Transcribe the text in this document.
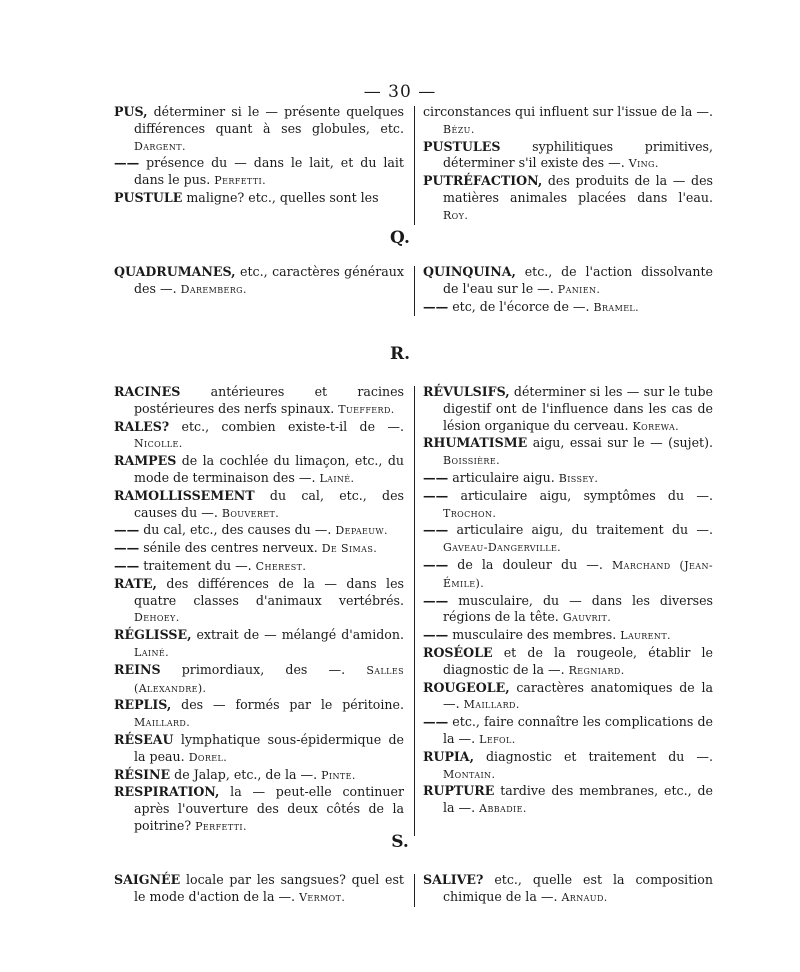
— 30 —
PUS, déterminer si le — présente quelques différences quant à ses globules, etc. Dargent.
—— présence du — dans le lait, et du lait dans le pus. Perfetti.
PUSTULE maligne? etc., quelles sont les
circonstances qui influent sur l'issue de la —. Bézu.
PUSTULES syphilitiques primitives, déterminer s'il existe des —. Ving.
PUTRÉFACTION, des produits de la — des matières animales placées dans l'eau. Roy.
Q.
QUADRUMANES, etc., caractères généraux des —. Daremberg.
QUINQUINA, etc., de l'action dissolvante de l'eau sur le —. Panien.
—— etc, de l'écorce de —. Bramel.
R.
RACINES antérieures et racines postérieures des nerfs spinaux. Tuefferd.
RALES? etc., combien existe-t-il de —. Nicolle.
RAMPES de la cochlée du limaçon, etc., du mode de terminaison des —. Lainé.
RAMOLLISSEMENT du cal, etc., des causes du —. Bouveret.
—— du cal, etc., des causes du —. Depaeuw.
—— sénile des centres nerveux. De Simas.
—— traitement du —. Cherest.
RATE, des différences de la — dans les quatre classes d'animaux vertébrés. Dehoey.
RÉGLISSE, extrait de — mélangé d'amidon. Lainé.
REINS primordiaux, des —. Salles (Alexandre).
REPLIS, des — formés par le péritoine. Maillard.
RÉSEAU lymphatique sous-épidermique de la peau. Dorel.
RÉSINE de Jalap, etc., de la —. Pinte.
RESPIRATION, la — peut-elle continuer après l'ouverture des deux côtés de la poitrine? Perfetti.
RÉVULSIFS, déterminer si les — sur le tube digestif ont de l'influence dans les cas de lésion organique du cerveau. Korewa.
RHUMATISME aigu, essai sur le — (sujet). Boissière.
—— articulaire aigu. Bissey.
—— articulaire aigu, symptômes du —. Trochon.
—— articulaire aigu, du traitement du —. Gaveau-Dangerville.
—— de la douleur du —. Marchand (Jean-Émile).
—— musculaire, du — dans les diverses régions de la tête. Gauvrit.
—— musculaire des membres. Laurent.
ROSÉOLE et de la rougeole, établir le diagnostic de la —. Regniard.
ROUGEOLE, caractères anatomiques de la —. Maillard.
—— etc., faire connaître les complications de la —. Lefol.
RUPIA, diagnostic et traitement du —. Montain.
RUPTURE tardive des membranes, etc., de la —. Abbadie.
S.
SAIGNÉE locale par les sangsues? quel est le mode d'action de la —. Vermot.
SALIVE? etc., quelle est la composition chimique de la —. Arnaud.
